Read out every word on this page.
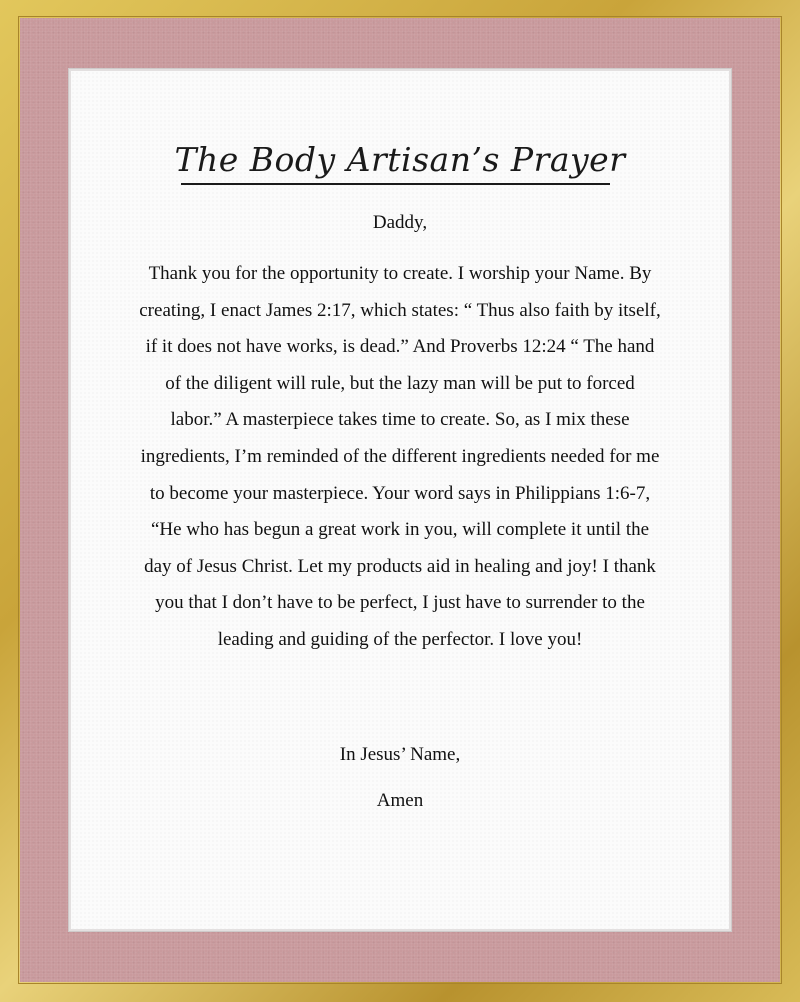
The Body Artisan’s Prayer
Daddy,
Thank you for the opportunity to create. I worship your Name. By creating, I enact James 2:17, which states: “ Thus also faith by itself, if it does not have works, is dead.” And Proverbs 12:24 “ The hand of the diligent will rule, but the lazy man will be put to forced labor.” A masterpiece takes time to create. So, as I mix these ingredients, I’m reminded of the different ingredients needed for me to become your masterpiece. Your word says in Philippians 1:6-7, “He who has begun a great work in you, will complete it until the day of Jesus Christ. Let my products aid in healing and joy! I thank you that I don’t have to be perfect, I just have to surrender to the leading and guiding of the perfector. I love you!
In Jesus’ Name,
Amen
